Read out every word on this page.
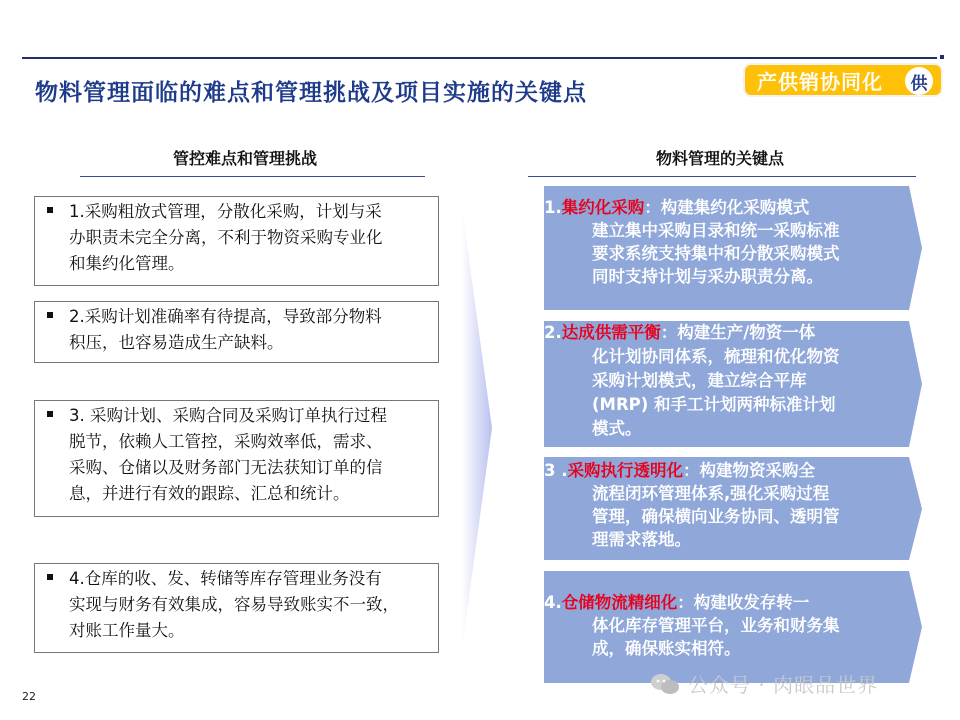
物料管理面临的难点和管理挑战及项目实施的关键点	产供销协同化	供
管控难点和管理挑战
1.采购粗放式管理，分散化采购，计划与采
办职责未完全分离，不利于物资采购专业化
和集约化管理。
2.采购计划准确率有待提高，导致部分物料
积压，也容易造成生产缺料。
3. 采购计划、采购合同及采购订单执行过程
脱节，依赖人工管控，采购效率低，需求、
采购、仓储以及财务部门无法获知订单的信
息，并进行有效的跟踪、汇总和统计。
4.仓库的收、发、转储等库存管理业务没有
实现与财务有效集成，容易导致账实不一致，
对账工作量大。
物料管理的关键点
1.集约化采购：构建集约化采购模式
建立集中采购目录和统一采购标准
要求系统支持集中和分散采购模式
同时支持计划与采办职责分离。
2.达成供需平衡：构建生产/物资一体
化计划协同体系，梳理和优化物资
采购计划模式，建立综合平库
(MRP) 和手工计划两种标准计划
模式。
3 .采购执行透明化：构建物资采购全
流程闭环管理体系,强化采购过程
管理，确保横向业务协同、透明管
理需求落地。
4.仓储物流精细化：构建收发存转一
体化库存管理平台，业务和财务集
成，确保账实相符。
22	公众号 · 肉眼品世界
